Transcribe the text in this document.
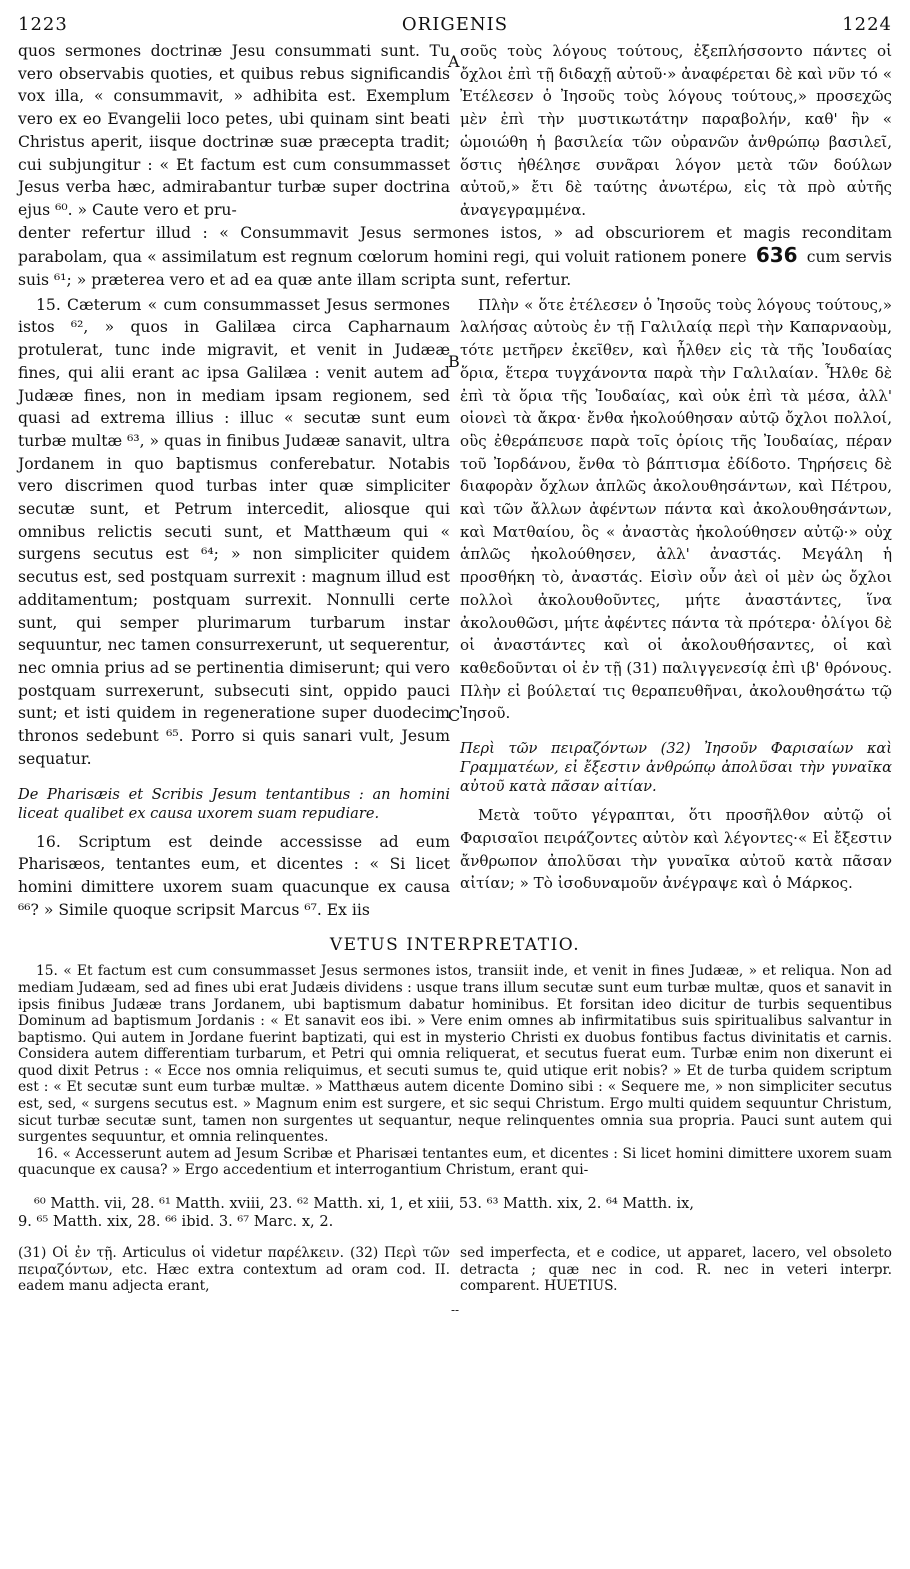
1223	ORIGENIS	1224

quos sermones doctrinæ Jesu consummati sunt. Tu vero observabis quoties, et quibus rebus significandis vox illa, « consummavit, » adhibita est. Exemplum vero ex eo Evangelii loco petes, ubi quinam sint beati Christus aperit, iisque doctrinæ suæ præcepta tradit; cui subjungitur : « Et factum est cum consummasset Jesus verba hæc, admirabantur turbæ super doctrina ejus ⁶⁰. » Caute vero et pru-

σοῦς τοὺς λόγους τούτους, ἐξεπλήσσοντο πάντες οἱ ὄχλοι ἐπὶ τῇ διδαχῇ αὐτοῦ·» ἀναφέρεται δὲ καὶ νῦν τό « Ἐτέλεσεν ὁ Ἰησοῦς τοὺς λόγους τούτους,» προσεχῶς μὲν ἐπὶ τὴν μυστικωτάτην παραβολήν, καθ' ἣν « ὡμοιώθη ἡ βασιλεία τῶν οὐρανῶν ἀνθρώπῳ βασιλεῖ, ὅστις ἠθέλησε συνᾶραι λόγον μετὰ τῶν δούλων αὐτοῦ,» ἔτι δὲ ταύτης ἀνωτέρω, εἰς τὰ πρὸ αὐτῆς ἀναγεγραμμένα.

denter refertur illud : « Consummavit Jesus sermones istos, » ad obscuriorem et magis reconditam parabolam, qua « assimilatum est regnum cœlorum homini regi, qui voluit rationem ponere 636 cum servis suis ⁶¹; » præterea vero et ad ea quæ ante illam scripta sunt, refertur.

15. Cæterum « cum consummasset Jesus sermones istos ⁶², » quos in Galilæa circa Capharnaum protulerat, tunc inde migravit, et venit in Judææ fines, qui alii erant ac ipsa Galilæa : venit autem ad Judææ fines, non in mediam ipsam regionem, sed quasi ad extrema illius : illuc « secutæ sunt eum turbæ multæ ⁶³, » quas in finibus Judææ sanavit, ultra Jordanem in quo baptismus conferebatur. Notabis vero discrimen quod turbas inter quæ simpliciter secutæ sunt, et Petrum intercedit, aliosque qui omnibus relictis secuti sunt, et Matthæum qui « surgens secutus est ⁶⁴; » non simpliciter quidem secutus est, sed postquam surrexit : magnum illud est additamentum; postquam surrexit. Nonnulli certe sunt, qui semper plurimarum turbarum instar sequuntur, nec tamen consurrexerunt, ut sequerentur, nec omnia prius ad se pertinentia dimiserunt; qui vero postquam surrexerunt, subsecuti sint, oppido pauci sunt; et isti quidem in regeneratione super duodecim thronos sedebunt ⁶⁵. Porro si quis sanari vult, Jesum sequatur.

De Pharisæis et Scribis Jesum tentantibus : an homini liceat qualibet ex causa uxorem suam repudiare.

16. Scriptum est deinde accessisse ad eum Pharisæos, tentantes eum, et dicentes : « Si licet homini dimittere uxorem suam quacunque ex causa ⁶⁶? » Simile quoque scripsit Marcus ⁶⁷. Ex iis

Πλὴν « ὅτε ἐτέλεσεν ὁ Ἰησοῦς τοὺς λόγους τούτους,» λαλήσας αὐτοὺς ἐν τῇ Γαλιλαίᾳ περὶ τὴν Καπαρναοὺμ, τότε μετῆρεν ἐκεῖθεν, καὶ ἦλθεν εἰς τὰ τῆς Ἰουδαίας ὅρια, ἕτερα τυγχάνοντα παρὰ τὴν Γαλιλαίαν. Ἦλθε δὲ ἐπὶ τὰ ὅρια τῆς Ἰουδαίας, καὶ οὐκ ἐπὶ τὰ μέσα, ἀλλ' οἱονεὶ τὰ ἄκρα· ἔνθα ἠκολούθησαν αὐτῷ ὄχλοι πολλοί, οὓς ἐθεράπευσε παρὰ τοῖς ὁρίοις τῆς Ἰουδαίας, πέραν τοῦ Ἰορδάνου, ἔνθα τὸ βάπτισμα ἐδίδοτο. Τηρήσεις δὲ διαφορὰν ὄχλων ἁπλῶς ἀκολουθησάντων, καὶ Πέτρου, καὶ τῶν ἄλλων ἀφέντων πάντα καὶ ἀκολουθησάντων, καὶ Ματθαίου, ὃς « ἀναστὰς ἠκολούθησεν αὐτῷ·» οὐχ ἁπλῶς ἠκολούθησεν, ἀλλ' ἀναστάς. Μεγάλη ἡ προσθήκη τὸ, ἀναστάς. Εἰσὶν οὖν ἀεὶ οἱ μὲν ὡς ὄχλοι πολλοὶ ἀκολουθοῦντες, μήτε ἀναστάντες, ἵνα ἀκολουθῶσι, μήτε ἀφέντες πάντα τὰ πρότερα· ὀλίγοι δὲ οἱ ἀναστάντες καὶ οἱ ἀκολουθήσαντες, οἱ καὶ καθεδοῦνται οἱ ἐν τῇ (31) παλιγγενεσίᾳ ἐπὶ ιβ' θρόνους. Πλὴν εἰ βούλεταί τις θεραπευθῆναι, ἀκολουθησάτω τῷ Ἰησοῦ.

Περὶ τῶν πειραζόντων (32) Ἰησοῦν Φαρισαίων καὶ Γραμματέων, εἰ ἔξεστιν ἀνθρώπῳ ἀπολῦσαι τὴν γυναῖκα αὐτοῦ κατὰ πᾶσαν αἰτίαν.

Μετὰ τοῦτο γέγραπται, ὅτι προσῆλθον αὐτῷ οἱ Φαρισαῖοι πειράζοντες αὐτὸν καὶ λέγοντες·« Εἰ ἔξεστιν ἄνθρωπον ἀπολῦσαι τὴν γυναῖκα αὐτοῦ κατὰ πᾶσαν αἰτίαν; » Τὸ ἰσοδυναμοῦν ἀνέγραψε καὶ ὁ Μάρκος.

VETUS INTERPRETATIO.

15. « Et factum est cum consummasset Jesus sermones istos, transiit inde, et venit in fines Judææ, » et reliqua. Non ad mediam Judæam, sed ad fines ubi erat Judæis dividens : usque trans illum secutæ sunt eum turbæ multæ, quos et sanavit in ipsis finibus Judææ trans Jordanem, ubi baptismum dabatur hominibus. Et forsitan ideo dicitur de turbis sequentibus Dominum ad baptismum Jordanis : « Et sanavit eos ibi. » Vere enim omnes ab infirmitatibus suis spiritualibus salvantur in baptismo. Qui autem in Jordane fuerint baptizati, qui est in mysterio Christi ex duobus fontibus factus divinitatis et carnis. Considera autem differentiam turbarum, et Petri qui omnia reliquerat, et secutus fuerat eum. Turbæ enim non dixerunt ei quod dixit Petrus : « Ecce nos omnia reliquimus, et secuti sumus te, quid utique erit nobis? » Et de turba quidem scriptum est : « Et secutæ sunt eum turbæ multæ. » Matthæus autem dicente Domino sibi : « Sequere me, » non simpliciter secutus est, sed, « surgens secutus est. » Magnum enim est surgere, et sic sequi Christum. Ergo multi quidem sequuntur Christum, sicut turbæ secutæ sunt, tamen non surgentes ut sequantur, neque relinquentes omnia sua propria. Pauci sunt autem qui surgentes sequuntur, et omnia relinquentes.

16. « Accesserunt autem ad Jesum Scribæ et Pharisæi tentantes eum, et dicentes : Si licet homini dimittere uxorem suam quacunque ex causa? » Ergo accedentium et interrogantium Christum, erant qui-

⁶⁰ Matth. vii, 28. ⁶¹ Matth. xviii, 23. ⁶² Matth. xi, 1, et xiii, 53. ⁶³ Matth. xix, 2. ⁶⁴ Matth. ix,

9. ⁶⁵ Matth. xix, 28. ⁶⁶ ibid. 3. ⁶⁷ Marc. x, 2.

(31) Οἱ ἐν τῇ. Articulus οἱ videtur παρέλκειν. (32) Περὶ τῶν πειραζόντων, etc. Hæc extra contextum ad oram cod. II. eadem manu adjecta erant,

sed imperfecta, et e codice, ut apparet, lacero, vel obsoleto detracta ; quæ nec in cod. R. nec in veteri interpr. comparent. HUETIUS.

--
A
B
C
